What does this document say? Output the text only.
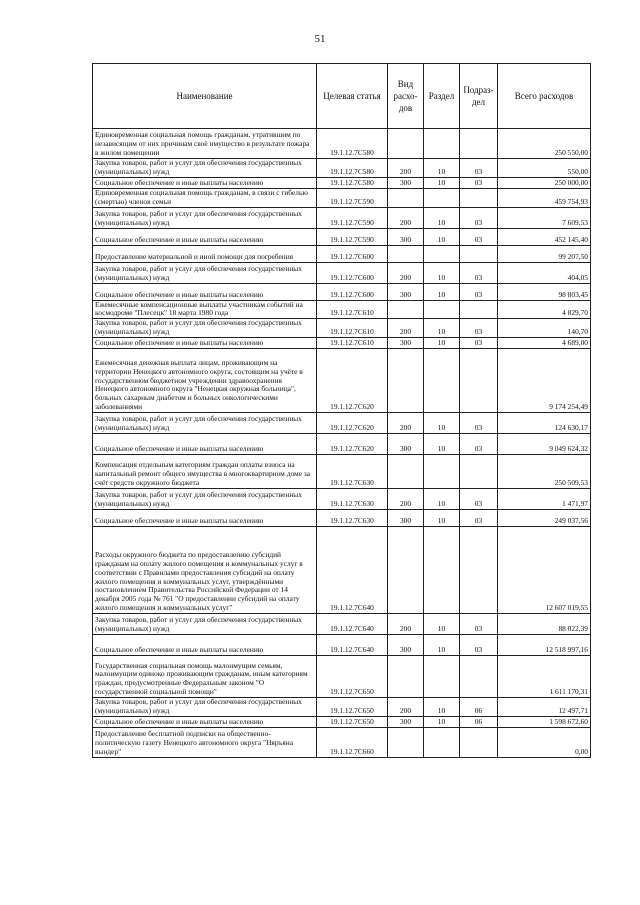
51
Наименование	Целевая статья	Вид расхо-дов	Раздел	Подраз-дел	Всего расходов
Единовременная социальная помощь гражданам, утратившим по независящим от них причинам своё имущество в результате пожара в жилом помещении	19.1.12.7С580				250 550,00
Закупка товаров, работ и услуг для обеспечения государственных (муниципальных) нужд	19.1.12.7С580	200	10	03	550,00
Социальное обеспечение и иные выплаты населению	19.1.12.7С580	300	10	03	250 000,00
Единовременная социальная помощь гражданам, в связи с гибелью (смертью) членов семьи	19.1.12.7С590				459 754,93
Закупка товаров, работ и услуг для обеспечения государственных (муниципальных) нужд	19.1.12.7С590	200	10	03	7 609,53
Социальное обеспечение и иные выплаты населению	19.1.12.7С590	300	10	03	452 145,40
Предоставление материальной и иной помощи для погребения	19.1.12.7С600				99 207,50
Закупка товаров, работ и услуг для обеспечения государственных (муниципальных) нужд	19.1.12.7С600	200	10	03	404,05
Социальное обеспечение и иные выплаты населению	19.1.12.7С600	300	10	03	98 803,45
Ежемесячные компенсационные выплаты участникам событий на космодроме "Плесецк" 18 марта 1980 года	19.1.12.7С610				4 829,70
Закупка товаров, работ и услуг для обеспечения государственных (муниципальных) нужд	19.1.12.7С610	200	10	03	140,70
Социальное обеспечение и иные выплаты населению	19.1.12.7С610	300	10	03	4 689,00
Ежемесячная денежная выплата лицам, проживающим на территории Ненецкого автономного округа, состоящим на учёте в государственном бюджетном учреждении здравоохранения Ненецкого автономного округа "Ненецкая окружная больница", больных сахарным диабетом и больных онкологическими заболеваниями	19.1.12.7С620				9 174 254,49
Закупка товаров, работ и услуг для обеспечения государственных (муниципальных) нужд	19.1.12.7С620	200	10	03	124 630,17
Социальное обеспечение и иные выплаты населению	19.1.12.7С620	300	10	03	9 049 624,32
Компенсация отдельным категориям граждан оплаты взноса на капитальный ремонт общего имущества в многоквартирном доме за счёт средств окружного бюджета	19.1.12.7С630				250 509,53
Закупка товаров, работ и услуг для обеспечения государственных (муниципальных) нужд	19.1.12.7С630	200	10	03	1 471,97
Социальное обеспечение и иные выплаты населению	19.1.12.7С630	300	10	03	249 037,56
Расходы окружного бюджета по предоставлению субсидий гражданам на оплату жилого помещения и коммунальных услуг в соответствии с Правилами предоставления субсидий на оплату жилого помещения и коммунальных услуг, утверждёнными постановлением Правительства Российской Федерации от 14 декабря 2005 года № 761 "О предоставлении субсидий на оплату жилого помещения и коммунальных услуг"	19.1.12.7С640				12 607 019,55
Закупка товаров, работ и услуг для обеспечения государственных (муниципальных) нужд	19.1.12.7С640	200	10	03	88 022,39
Социальное обеспечение и иные выплаты населению	19.1.12.7С640	300	10	03	12 518 997,16
Государственная социальная помощь малоимущим семьям, малоимущим одиноко проживающим гражданам, иным категориям граждан, предусмотренные Федеральным законом "О государственной социальной помощи"	19.1.12.7С650				1 611 170,31
Закупка товаров, работ и услуг для обеспечения государственных (муниципальных) нужд	19.1.12.7С650	200	10	06	12 497,71
Социальное обеспечение и иные выплаты населению	19.1.12.7С650	300	10	06	1 598 672,60
Предоставление бесплатной подписки на общественно-политическую газету Ненецкого автономного округа "Няръяна вындер"	19.1.12.7С660				0,00
